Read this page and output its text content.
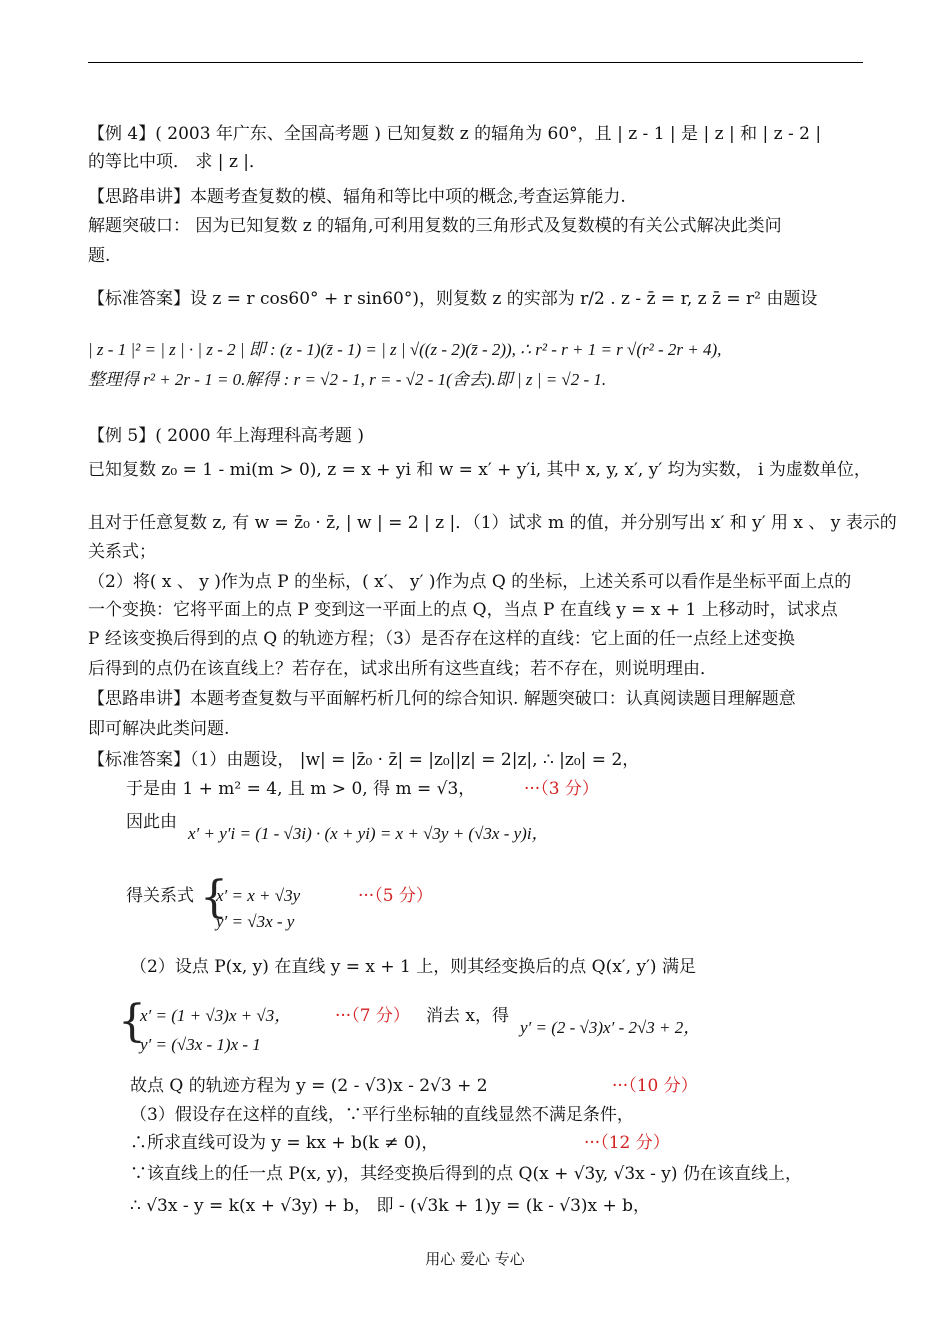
【例 4】( 2003 年广东、全国高考题 ) 已知复数 z 的辐角为 60°，且 | z - 1 | 是 | z | 和 | z - 2 |
的等比中项． 求 | z |．
【思路串讲】本题考查复数的模、辐角和等比中项的概念,考查运算能力.
解题突破口： 因为已知复数 z 的辐角,可利用复数的三角形式及复数模的有关公式解决此类问
题.
【标准答案】设 z = r cos60° + r sin60°)，则复数 z 的实部为 r/2 . z - z̄ = r, z z̄ = r² 由题设
| z - 1 |² = | z | · | z - 2 | 即 : (z - 1)(z̄ - 1) = | z | √((z - 2)(z̄ - 2)), ∴ r² - r + 1 = r √(r² - 2r + 4),
整理得 r² + 2r - 1 = 0.解得 : r = √2 - 1, r = - √2 - 1(舍去).即 | z | = √2 - 1.
【例 5】( 2000 年上海理科高考题 )
已知复数 z₀ = 1 - mi(m > 0), z = x + yi 和 w = x′ + y′i, 其中 x, y, x′, y′ 均为实数， i 为虚数单位，
且对于任意复数 z, 有 w = z̄₀ · z̄, | w | = 2 | z |．（1）试求 m 的值，并分别写出 x′ 和 y′ 用 x 、 y 表示的
关系式；
（2）将( x 、 y )作为点 P 的坐标，( x′、 y′ )作为点 Q 的坐标，上述关系可以看作是坐标平面上点的
一个变换：它将平面上的点 P 变到这一平面上的点 Q，当点 P 在直线 y = x + 1 上移动时，试求点
P 经该变换后得到的点 Q 的轨迹方程；（3）是否存在这样的直线：它上面的任一点经上述变换
后得到的点仍在该直线上？若存在，试求出所有这些直线；若不存在，则说明理由．
【思路串讲】本题考查复数与平面解朽析几何的综合知识. 解题突破口：认真阅读题目理解题意
即可解决此类问题.
【标准答案】（1）由题设， |w| = |z̄₀ · z̄| = |z₀||z| = 2|z|, ∴ |z₀| = 2，
于是由 1 + m² = 4, 且 m > 0, 得 m = √3，	···（3 分）
因此由
x′ + y′i = (1 - √3i) · (x + yi) = x + √3y + (√3x - y)i，
得关系式 {
x′ = x + √3y
y′ = √3x - y
···（5 分）
（2）设点 P(x, y) 在直线 y = x + 1 上，则其经变换后的点 Q(x′, y′) 满足
{
x′ = (1 + √3)x + √3，
y′ = (√3x - 1)x - 1
···（7 分） 消去 x，得
y′ = (2 - √3)x′ - 2√3 + 2，
故点 Q 的轨迹方程为 y = (2 - √3)x - 2√3 + 2	···（10 分）
（3）假设存在这样的直线，∵平行坐标轴的直线显然不满足条件，
∴所求直线可设为 y = kx + b(k ≠ 0)，	···（12 分）
∵该直线上的任一点 P(x, y)，其经变换后得到的点 Q(x + √3y, √3x - y) 仍在该直线上，
∴ √3x - y = k(x + √3y) + b， 即 - (√3k + 1)y = (k - √3)x + b，
用心 爱心 专心
